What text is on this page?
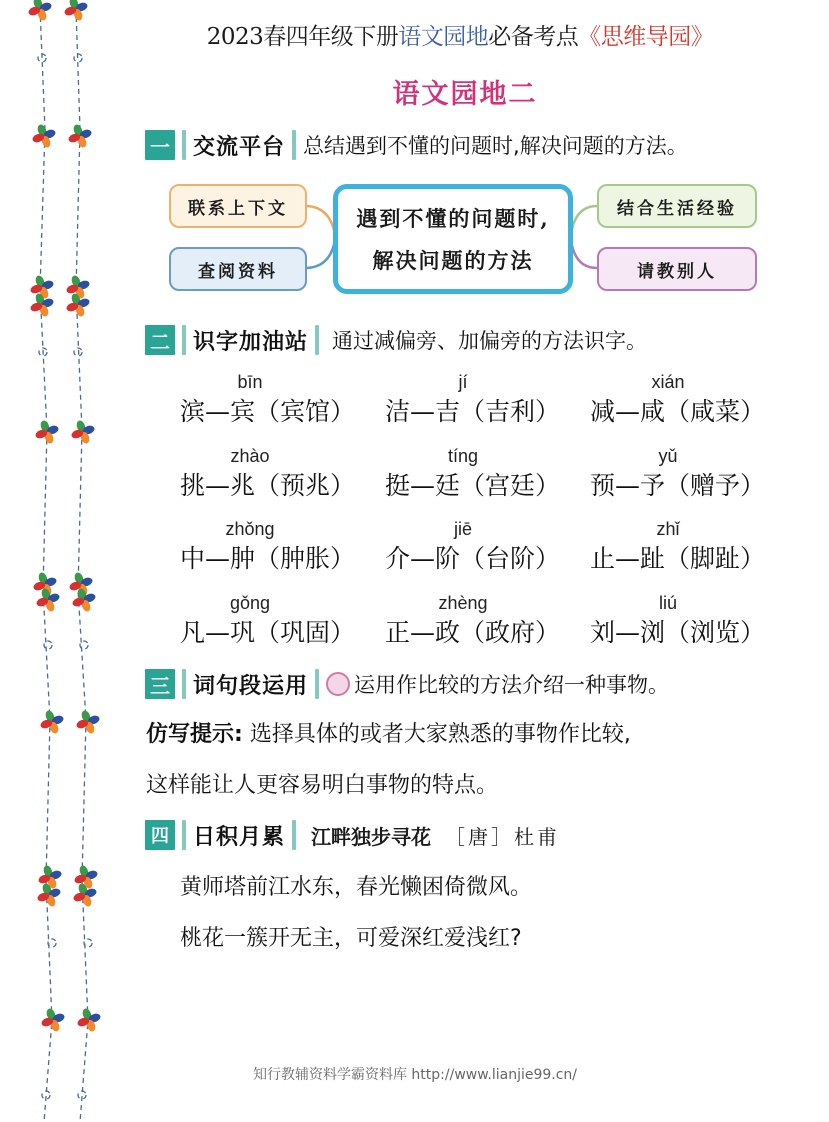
2023春四年级下册语文园地必备考点《思维导园》
语文园地二
一 交流平台 总结遇到不懂的问题时,解决问题的方法。
联系上下文
查阅资料
遇到不懂的问题时,
解决问题的方法
结合生活经验
请教别人
二 识字加油站 通过减偏旁、加偏旁的方法识字。
bīn
滨—宾（宾馆）
jí
洁—吉（吉利）
xián
减—咸（咸菜）
zhào
挑—兆（预兆）
tíng
挺—廷（宫廷）
yǔ
预—予（赠予）
zhǒng
中—肿（肿胀）
jiē
介—阶（台阶）
zhǐ
止—趾（脚趾）
gǒng
凡—巩（巩固）
zhèng
正—政（政府）
liú
刘—浏（浏览）
三 词句段运用 运用作比较的方法介绍一种事物。
仿写提示: 选择具体的或者大家熟悉的事物作比较,
这样能让人更容易明白事物的特点。
四 日积月累 江畔独步寻花 ［唐］杜甫
黄师塔前江水东，春光懒困倚微风。
桃花一簇开无主，可爱深红爱浅红?
知行教辅资料学霸资料库 http://www.lianjie99.cn/
